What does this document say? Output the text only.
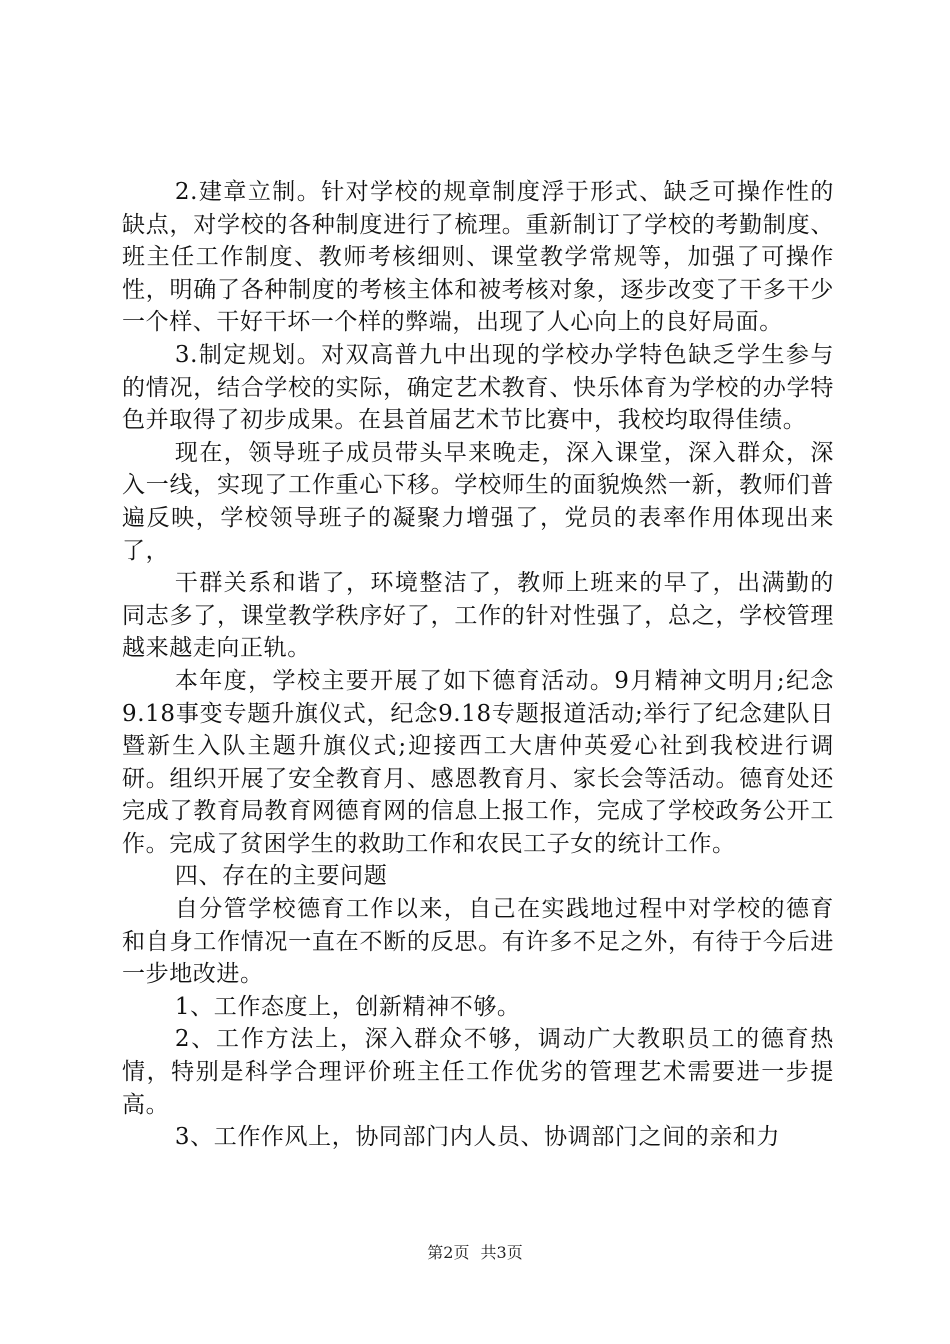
2.建章立制。针对学校的规章制度浮于形式、缺乏可操作性的缺点，对学校的各种制度进行了梳理。重新制订了学校的考勤制度、班主任工作制度、教师考核细则、课堂教学常规等，加强了可操作性，明确了各种制度的考核主体和被考核对象，逐步改变了干多干少一个样、干好干坏一个样的弊端，出现了人心向上的良好局面。

3.制定规划。对双高普九中出现的学校办学特色缺乏学生参与的情况，结合学校的实际，确定艺术教育、快乐体育为学校的办学特色并取得了初步成果。在县首届艺术节比赛中，我校均取得佳绩。

现在，领导班子成员带头早来晚走，深入课堂，深入群众，深入一线，实现了工作重心下移。学校师生的面貌焕然一新，教师们普遍反映，学校领导班子的凝聚力增强了，党员的表率作用体现出来了，

干群关系和谐了，环境整洁了，教师上班来的早了，出满勤的同志多了，课堂教学秩序好了，工作的针对性强了，总之，学校管理越来越走向正轨。

本年度，学校主要开展了如下德育活动。9月精神文明月;纪念9.18事变专题升旗仪式，纪念9.18专题报道活动;举行了纪念建队日暨新生入队主题升旗仪式;迎接西工大唐仲英爱心社到我校进行调研。组织开展了安全教育月、感恩教育月、家长会等活动。德育处还完成了教育局教育网德育网的信息上报工作，完成了学校政务公开工作。完成了贫困学生的救助工作和农民工子女的统计工作。

四、存在的主要问题

自分管学校德育工作以来，自己在实践地过程中对学校的德育和自身工作情况一直在不断的反思。有许多不足之外，有待于今后进一步地改进。

1、工作态度上，创新精神不够。

2、工作方法上，深入群众不够，调动广大教职员工的德育热情，特别是科学合理评价班主任工作优劣的管理艺术需要进一步提高。

3、工作作风上，协同部门内人员、协调部门之间的亲和力

第2页 共3页
